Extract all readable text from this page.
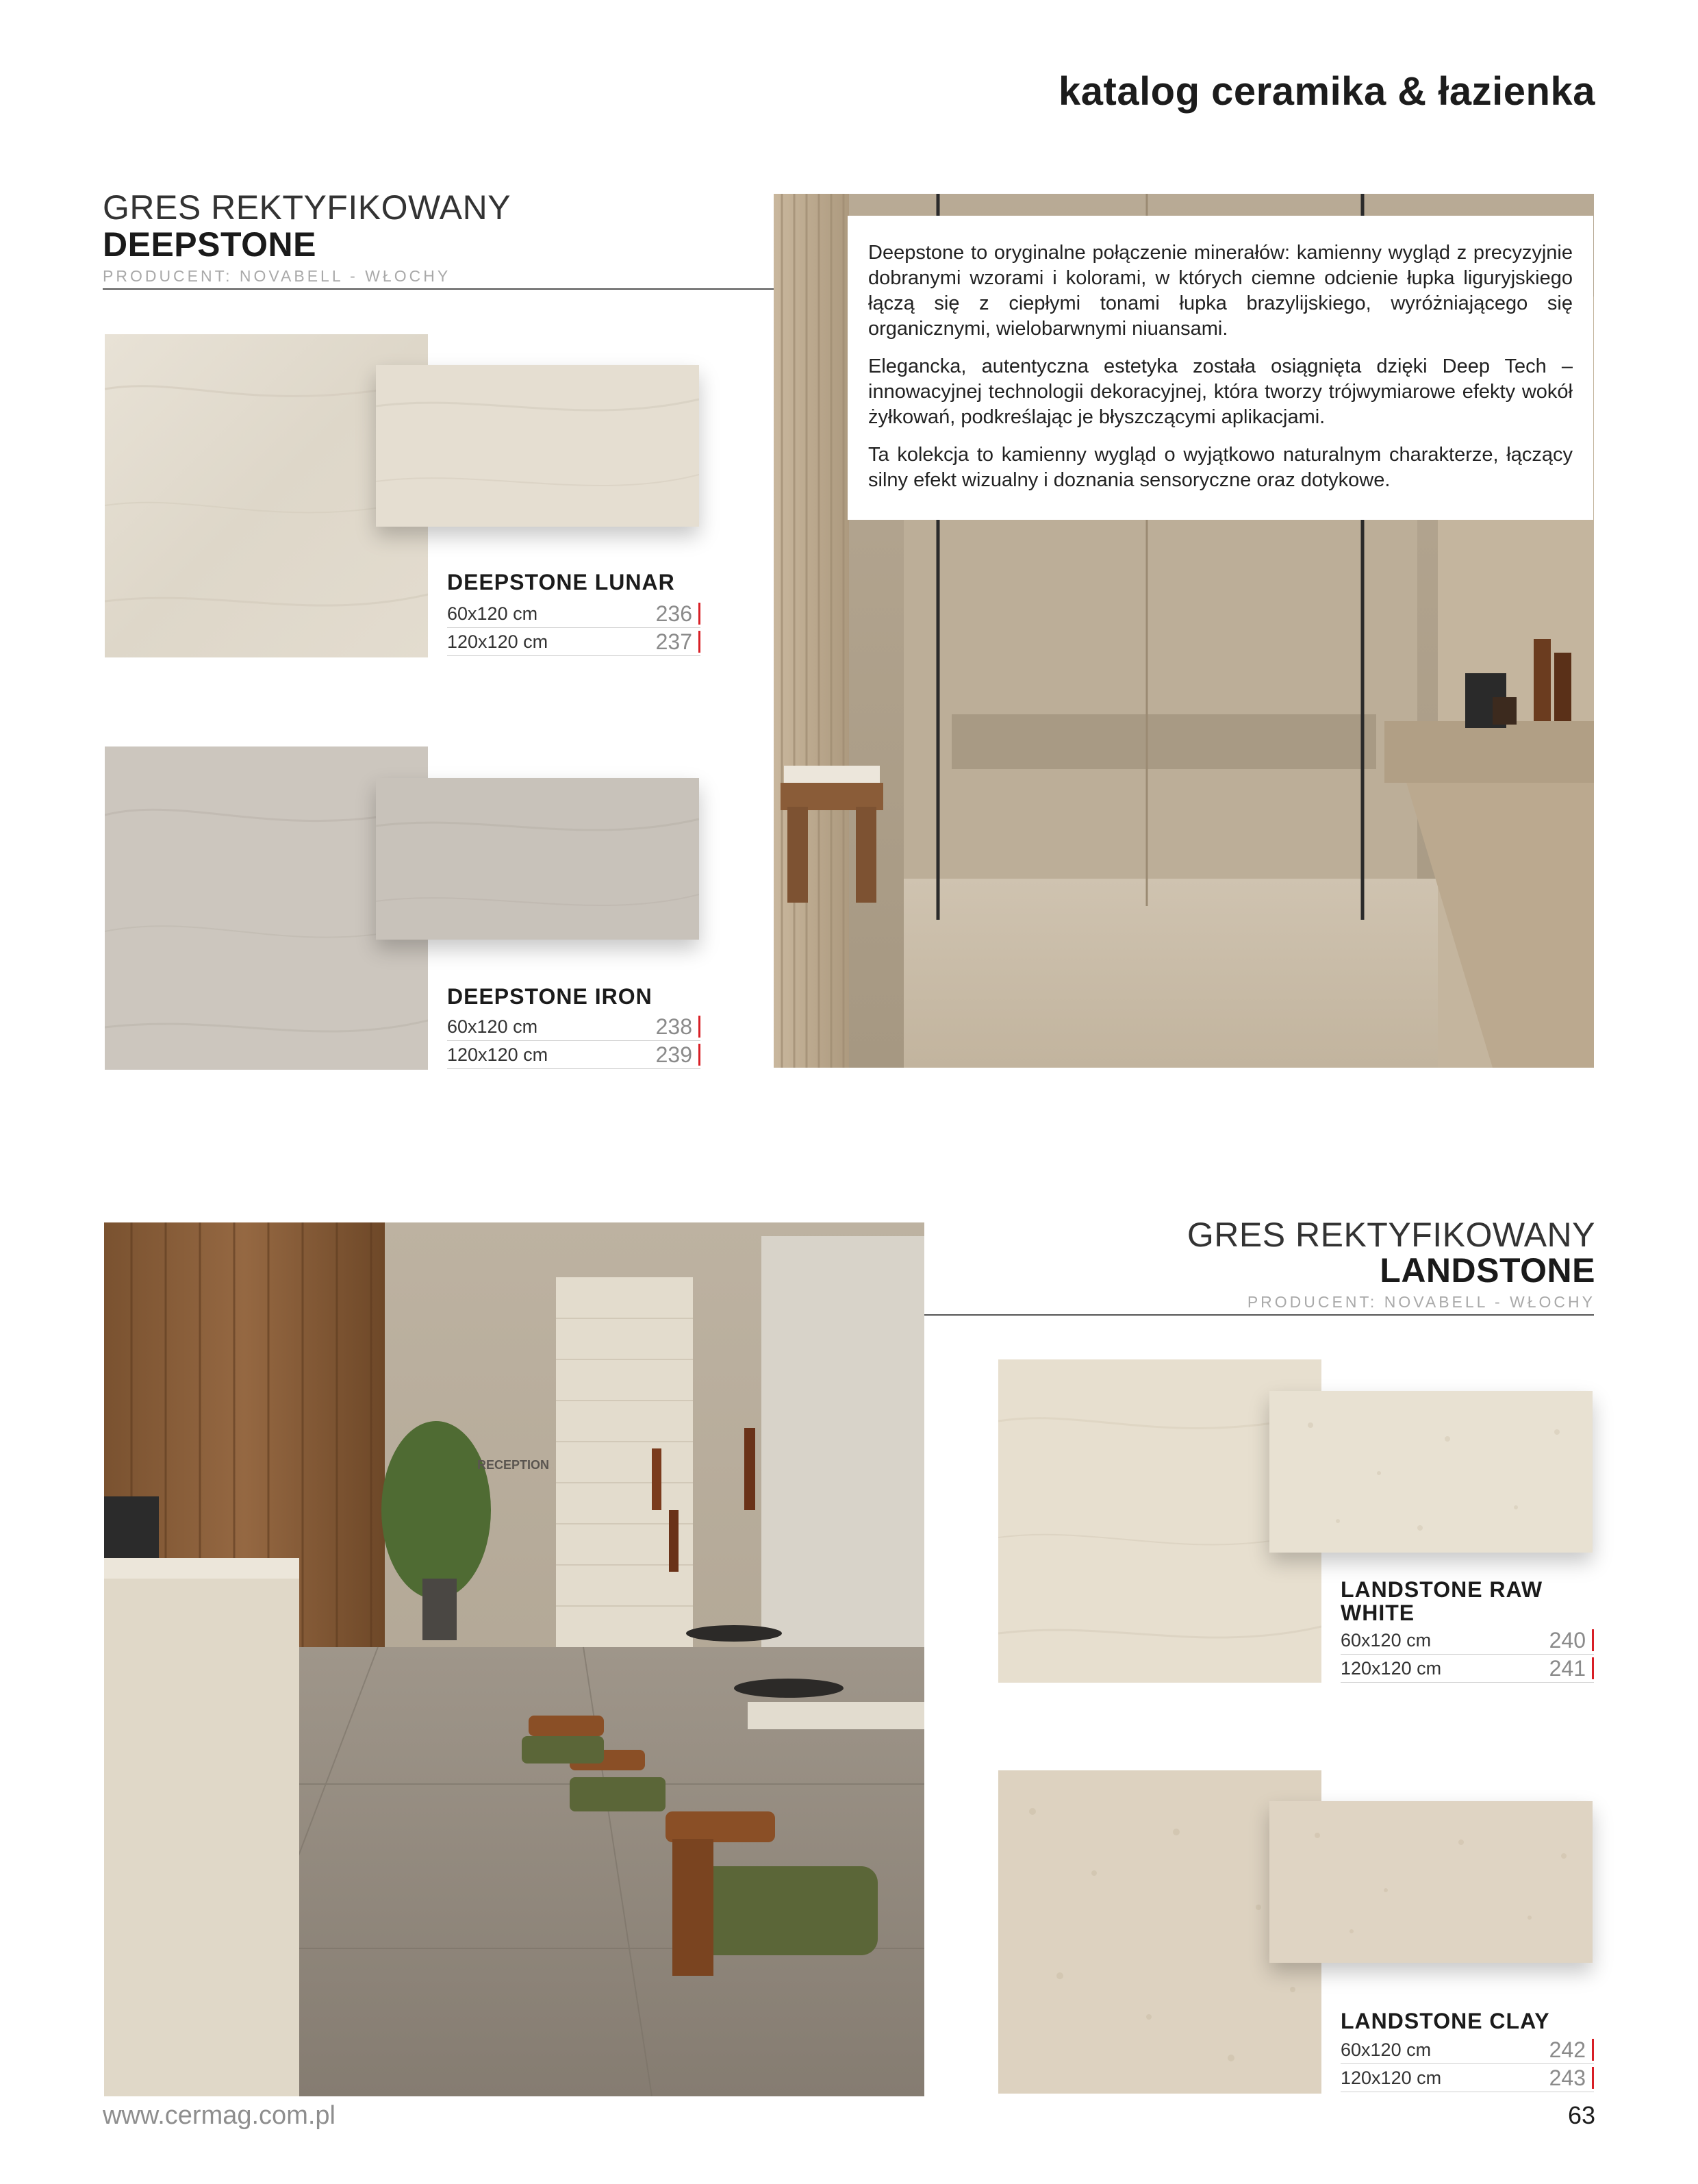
katalog ceramika & łazienka
GRES REKTYFIKOWANY
DEEPSTONE
PRODUCENT: NOVABELL - WŁOCHY
DEEPSTONE LUNAR
60x120 cm	236
120x120 cm	237
DEEPSTONE IRON
60x120 cm	238
120x120 cm	239

Deepstone to oryginalne połączenie minerałów: kamienny wygląd z precyzyjnie dobranymi wzorami i kolorami, w których ciemne odcienie łupka liguryjskiego łączą się z ciepłymi tonami łupka brazylijskiego, wyróżniającego się organicznymi, wielobarwnymi niuansami.

Elegancka, autentyczna estetyka została osiągnięta dzięki Deep Tech – innowacyjnej technologii dekoracyjnej, która tworzy trójwymiarowe efekty wokół żyłkowań, podkreślając je błyszczącymi aplikacjami.

Ta kolekcja to kamienny wygląd o wyjątkowo naturalnym charakterze, łączący silny efekt wizualny i doznania sensoryczne oraz dotykowe.

RECEPTION
GRES REKTYFIKOWANY
LANDSTONE
PRODUCENT: NOVABELL - WŁOCHY
LANDSTONE RAW WHITE
60x120 cm	240
120x120 cm	241
LANDSTONE CLAY
60x120 cm	242
120x120 cm	243
www.cermag.com.pl	63
